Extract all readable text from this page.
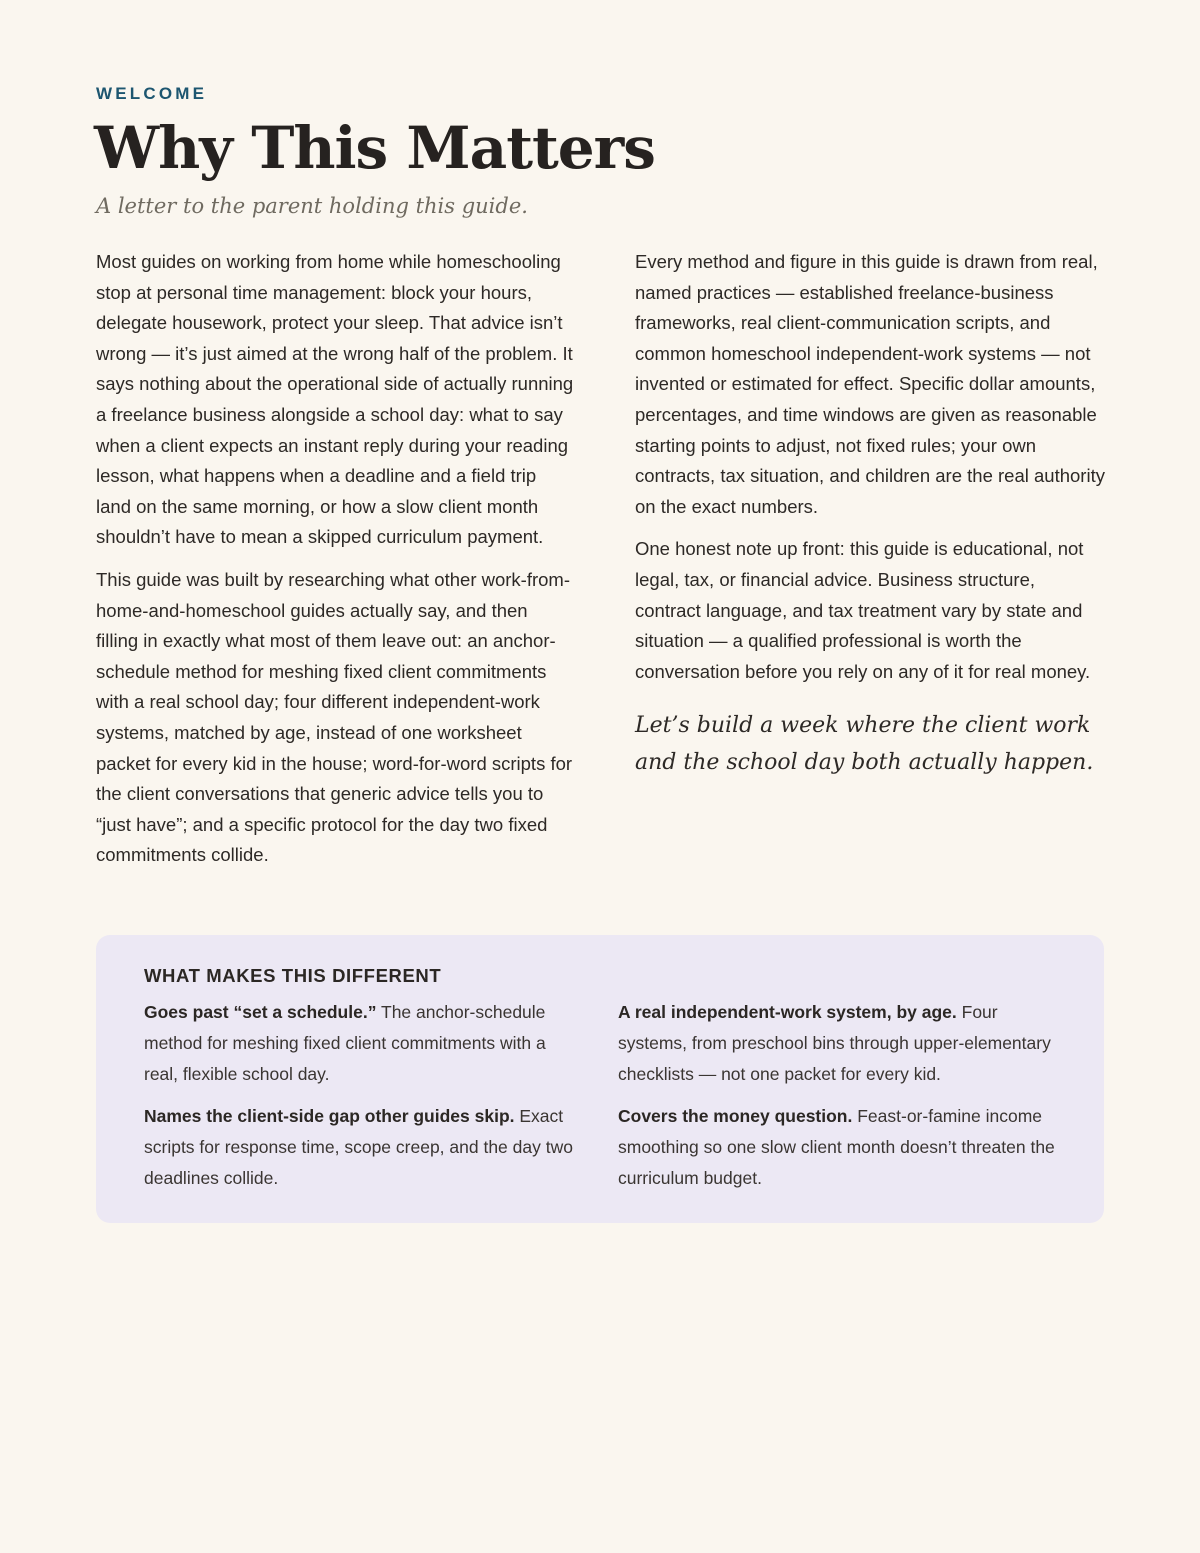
WELCOME
Why This Matters
A letter to the parent holding this guide.

Most guides on working from home while homeschooling stop at personal time management: block your hours, delegate housework, protect your sleep. That advice isn’t wrong — it’s just aimed at the wrong half of the problem. It says nothing about the operational side of actually running a freelance business alongside a school day: what to say when a client expects an instant reply during your reading lesson, what happens when a deadline and a field trip land on the same morning, or how a slow client month shouldn’t have to mean a skipped curriculum payment.

This guide was built by researching what other work-from-home-and-homeschool guides actually say, and then filling in exactly what most of them leave out: an anchor-schedule method for meshing fixed client commitments with a real school day; four different independent-work systems, matched by age, instead of one worksheet packet for every kid in the house; word-for-word scripts for the client conversations that generic advice tells you to “just have”; and a specific protocol for the day two fixed commitments collide.

Every method and figure in this guide is drawn from real, named practices — established freelance-business frameworks, real client-communication scripts, and common homeschool independent-work systems — not invented or estimated for effect. Specific dollar amounts, percentages, and time windows are given as reasonable starting points to adjust, not fixed rules; your own contracts, tax situation, and children are the real authority on the exact numbers.

One honest note up front: this guide is educational, not legal, tax, or financial advice. Business structure, contract language, and tax treatment vary by state and situation — a qualified professional is worth the conversation before you rely on any of it for real money.

Let’s build a week where the client work and the school day both actually happen.

WHAT MAKES THIS DIFFERENT
Goes past “set a schedule.” The anchor-schedule method for meshing fixed client commitments with a real, flexible school day.
A real independent-work system, by age. Four systems, from preschool bins through upper-elementary checklists — not one packet for every kid.
Names the client-side gap other guides skip. Exact scripts for response time, scope creep, and the day two deadlines collide.
Covers the money question. Feast-or-famine income smoothing so one slow client month doesn’t threaten the curriculum budget.
